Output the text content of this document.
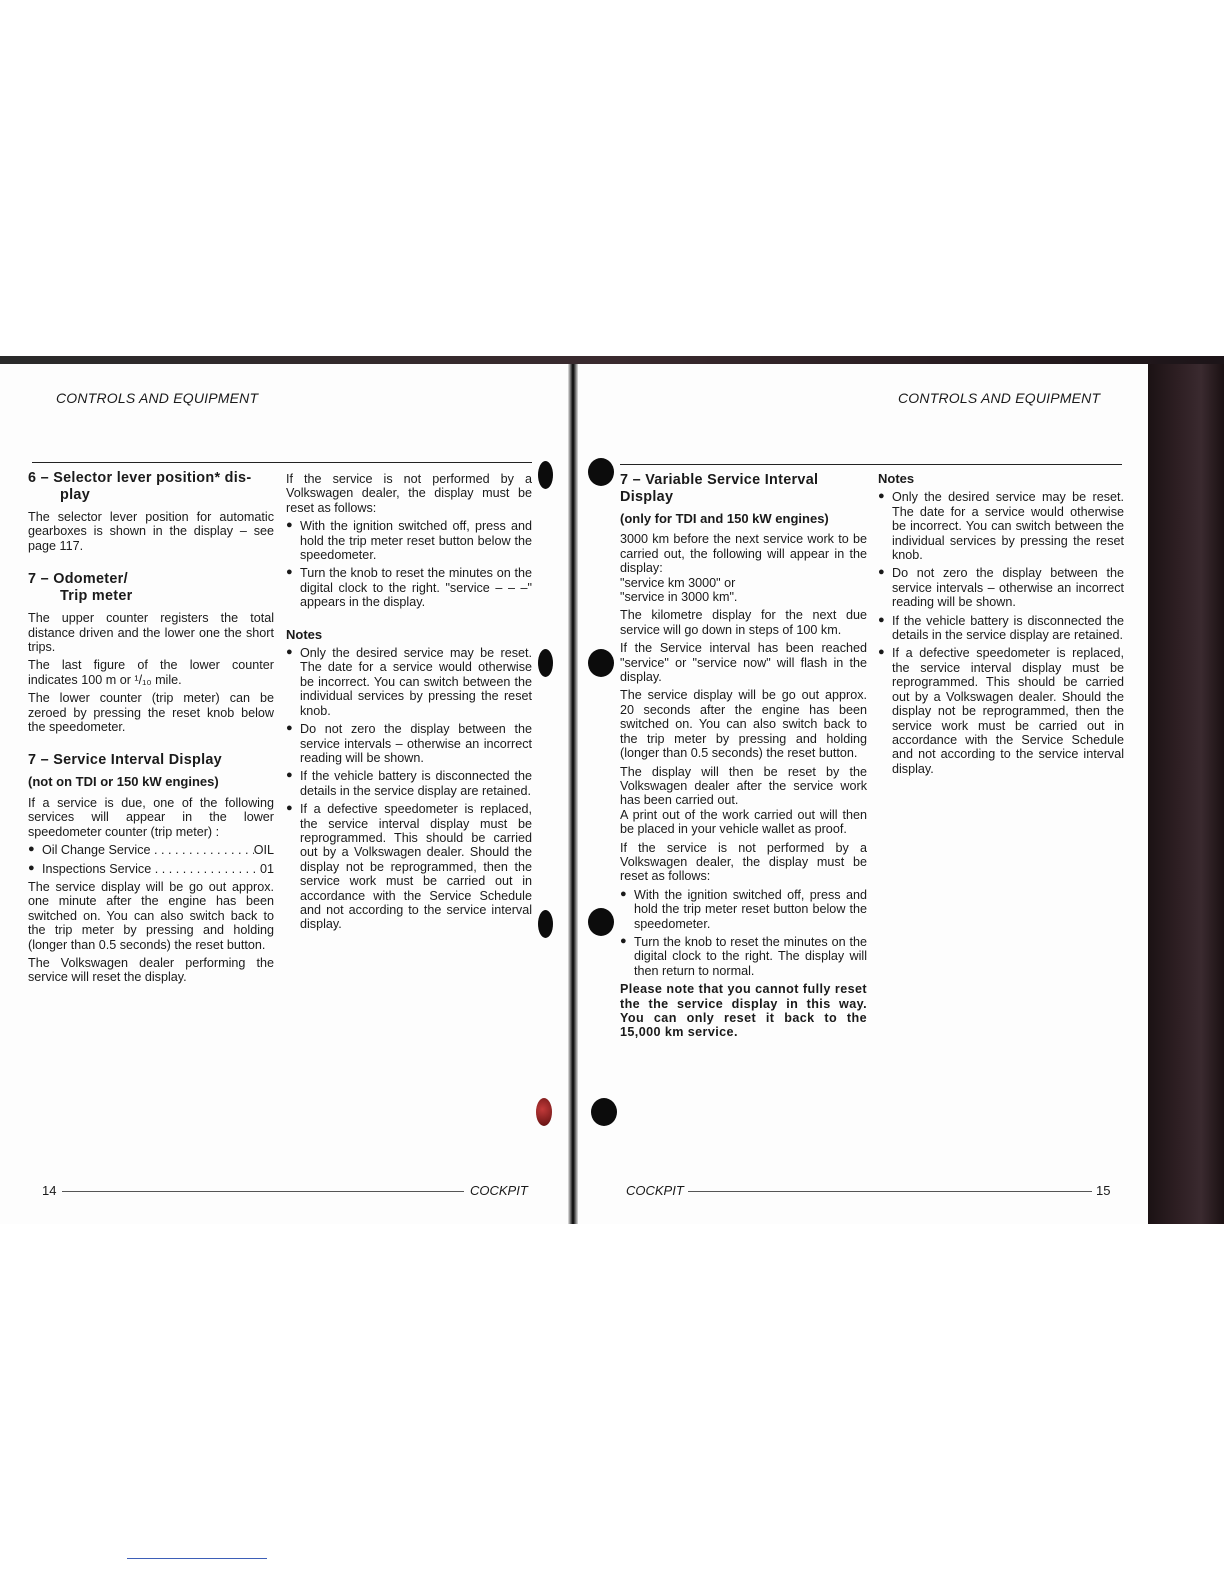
CONTROLS AND EQUIPMENT
6 – Selector lever position* dis-
play

The selector lever position for automatic gearboxes is shown in the display – see page 117.

7 – Odometer/
Trip meter

The upper counter registers the total distance driven and the lower one the short trips.

The last figure of the lower counter indicates 100 m or ¹/₁₀ mile.

The lower counter (trip meter) can be zeroed by pressing the reset knob below the speedometer.

7 – Service Interval Display
(not on TDI or 150 kW engines)

If a service is due, one of the following services will appear in the lower speedometer counter (trip meter) :

● Oil Change Service . . .	OIL
● Inspections Service . . .	01

The service display will be go out approx. one minute after the engine has been switched on. You can also switch back to the trip meter by pressing and holding (longer than 0.5 seconds) the reset button.

The Volkswagen dealer performing the service will reset the display.

If the service is not performed by a Volkswagen dealer, the display must be reset as follows:

● With the ignition switched off, press and hold the trip meter reset button below the speedometer.
● Turn the knob to reset the minutes on the digital clock to the right. "service – – –" appears in the display.
Notes
● Only the desired service may be reset. The date for a service would otherwise be incorrect. You can switch between the individual services by pressing the reset knob.
● Do not zero the display between the service intervals – otherwise an incorrect reading will be shown.
● If the vehicle battery is disconnected the details in the service display are retained.
● If a defective speedometer is replaced, the service interval display must be reprogrammed. This should be carried out by a Volkswagen dealer. Should the display not be reprogrammed, then the service work must be carried out in accordance with the Service Schedule and not according to the service interval display.
14	COCKPIT
CONTROLS AND EQUIPMENT
7 – Variable Service Interval
Display
(only for TDI and 150 kW engines)

3000 km before the next service work to be carried out, the following will appear in the display:

"service km 3000" or

"service in 3000 km".

The kilometre display for the next due service will go down in steps of 100 km.

If the Service interval has been reached "service" or "service now" will flash in the display.

The service display will be go out approx. 20 seconds after the engine has been switched on. You can also switch back to the trip meter by pressing and holding (longer than 0.5 seconds) the reset button.

The display will then be reset by the Volkswagen dealer after the service work has been carried out.

A print out of the work carried out will then be placed in your vehicle wallet as proof.

If the service is not performed by a Volkswagen dealer, the display must be reset as follows:

● With the ignition switched off, press and hold the trip meter reset button below the speedometer.
● Turn the knob to reset the minutes on the digital clock to the right. The display will then return to normal.

Please note that you cannot fully reset the the service display in this way. You can only reset it back to the 15,000 km service.

Notes
● Only the desired service may be reset. The date for a service would otherwise be incorrect. You can switch between the individual services by pressing the reset knob.
● Do not zero the display between the service intervals – otherwise an incorrect reading will be shown.
● If the vehicle battery is disconnected the details in the service display are retained.
● If a defective speedometer is replaced, the service interval display must be reprogrammed. This should be carried out by a Volkswagen dealer. Should the display not be reprogrammed, then the service work must be carried out in accordance with the Service Schedule and not according to the service interval display.
COCKPIT	15
